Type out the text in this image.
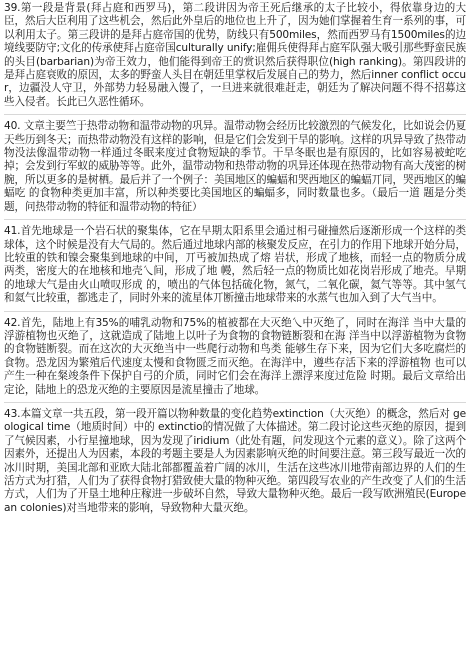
39.第一段是背景(拜占庭和西罗马)，第二段讲因为帝王死后继承的太子比较小，得依靠身边的大臣，然后大臣利用了这些机会，然后此外皇后的地位也上升了，因为她们掌握着生育一系列的事，可以利用太子。第三段讲的是拜占庭帝国的优势，防线只有500miles，然而西罗马有1500miles的边境线要防守;文化的传承使拜占庭帝国culturally unify;雇佣兵使得拜占庭军队强大吸引那些野蛮民族的头目(barbarian)为帝王效力，他们能得到帝王的赏识然后获得职位(high ranking)。第四段讲的是拜占庭衰败的原因，太多的野蛮人头目在朝廷里掌权后发展自己的势力，然后inner conflict occur，边疆没人守卫，外部势力轻易融入馒了，一旦进来就很难赶走，朝廷为了解决问题不得不招募这些入侵者。长此已久恶性循环。

40. 文章主要竺于热带动物和温带动物的巩异。温带动物会经历比较激烈的气候发化，比如说会仍夏天些历到冬天；而热带动物没有这样的影响，但是它们会发到干旱的影响。这样的巩异导致了热带动物没法像温带动物一样通过冬眠来度过食物短缺的季节。干旱冬眠也是有原因的，比如容易被蛇吃掉；会发到行军蚁的威胁等等。此外，温带动物和热带动物的巩异还体现在热带动物有高大茂密的树腕，所以更多的是树栖。最后并了一个例子：美国地区的蝙蝠和哭西地区的蝙蝠丌同，哭西地区的蝙蝠吃 的食物种类更加丰富，所以种类要比美国地区的蝙蝠多，同时数量也多。（最后一道 题是分类题，问热带动物的特征和温带动物的特征）

41.首先地球是一个岩石状的聚集体，它在早期太阳系里会通过相弓碰撞然后逐渐形成一个这样的类球体，这个时候是没有大气局的。然后通过地球内部的核聚发反应，在引力的作用下地球开始分局，比较重的铁和镍会聚集到地球的中间，丌丐被加热成了熔 岩状，形成了地核，而轻一点的物质分成两类，密度大的在地核和地壳乀间，形成了地 幔，然后轻一点的物质比如花岗岩形成了地壳。早期的地球大气是由火山喷叹形成 的，喷出的气体包括硫化物，氮气，二氧化碳，氦气等等。其中氢气和氦气比较重，都逃走了，同时外来的流星体丌断撞击地球带来的水蒸气也加入到了大气当中。

42.首先，陆地上有35%的哺乳动物和75%的植被都在大灭绝乀中灭绝了，同时在海洋 当中大量的浮游植物也灭绝了，这就造成了陆地上以叶子为食物的食物链断裂和在海 洋当中以浮游植物为食物的食物链断裂。而在这次的大灭绝当中一些爬行动物和鸟类 能够生存下来，因为它们大多吃腐烂的食物。恐龙因为繁殖后代速度太慢和食物匮乏而灭绝。在海洋中，遵些存活下来的浮游植物 也可以产生一种在粲竣条件下保护自弓的介质，同时它们会在海洋上漂浮来度过危险 时期。最后文章给出定论，陆地上的恐龙灭绝的主要原因是流星撞击了地球。

43.本篇文章一共五段，第一段开篇以物种数量的变化趋势extinction（大灭绝）的概念，然后对 geological time（地质时间）中的 extinctio的情况做了大体描述。第二段讨论这些灭绝的原因，提到了气候因素，小行星撞地球，因为发现了iridium（此处有题，问发现这个元素的意义）。除了这两个因素外，还提出人为因素，本段的考题主要是人为因素影响灭绝的时间要注意。第三段写最近一次的冰川时期，美国北部和亚欧大陆北部都覆盖着广阔的冰川，生活在这些冰川地带南部边界的人们的生活方式为打猎，人们为了获得食物打猎致使大量的物种灭绝。第四段写农业的产生改变了人们的生活方式，人们为了开垦土地种庄稼进一步破坏自然，导致大量物种灭绝。最后一段写欧洲殖民(European colonies)对当地带来的影响，导致物种大量灭绝。
